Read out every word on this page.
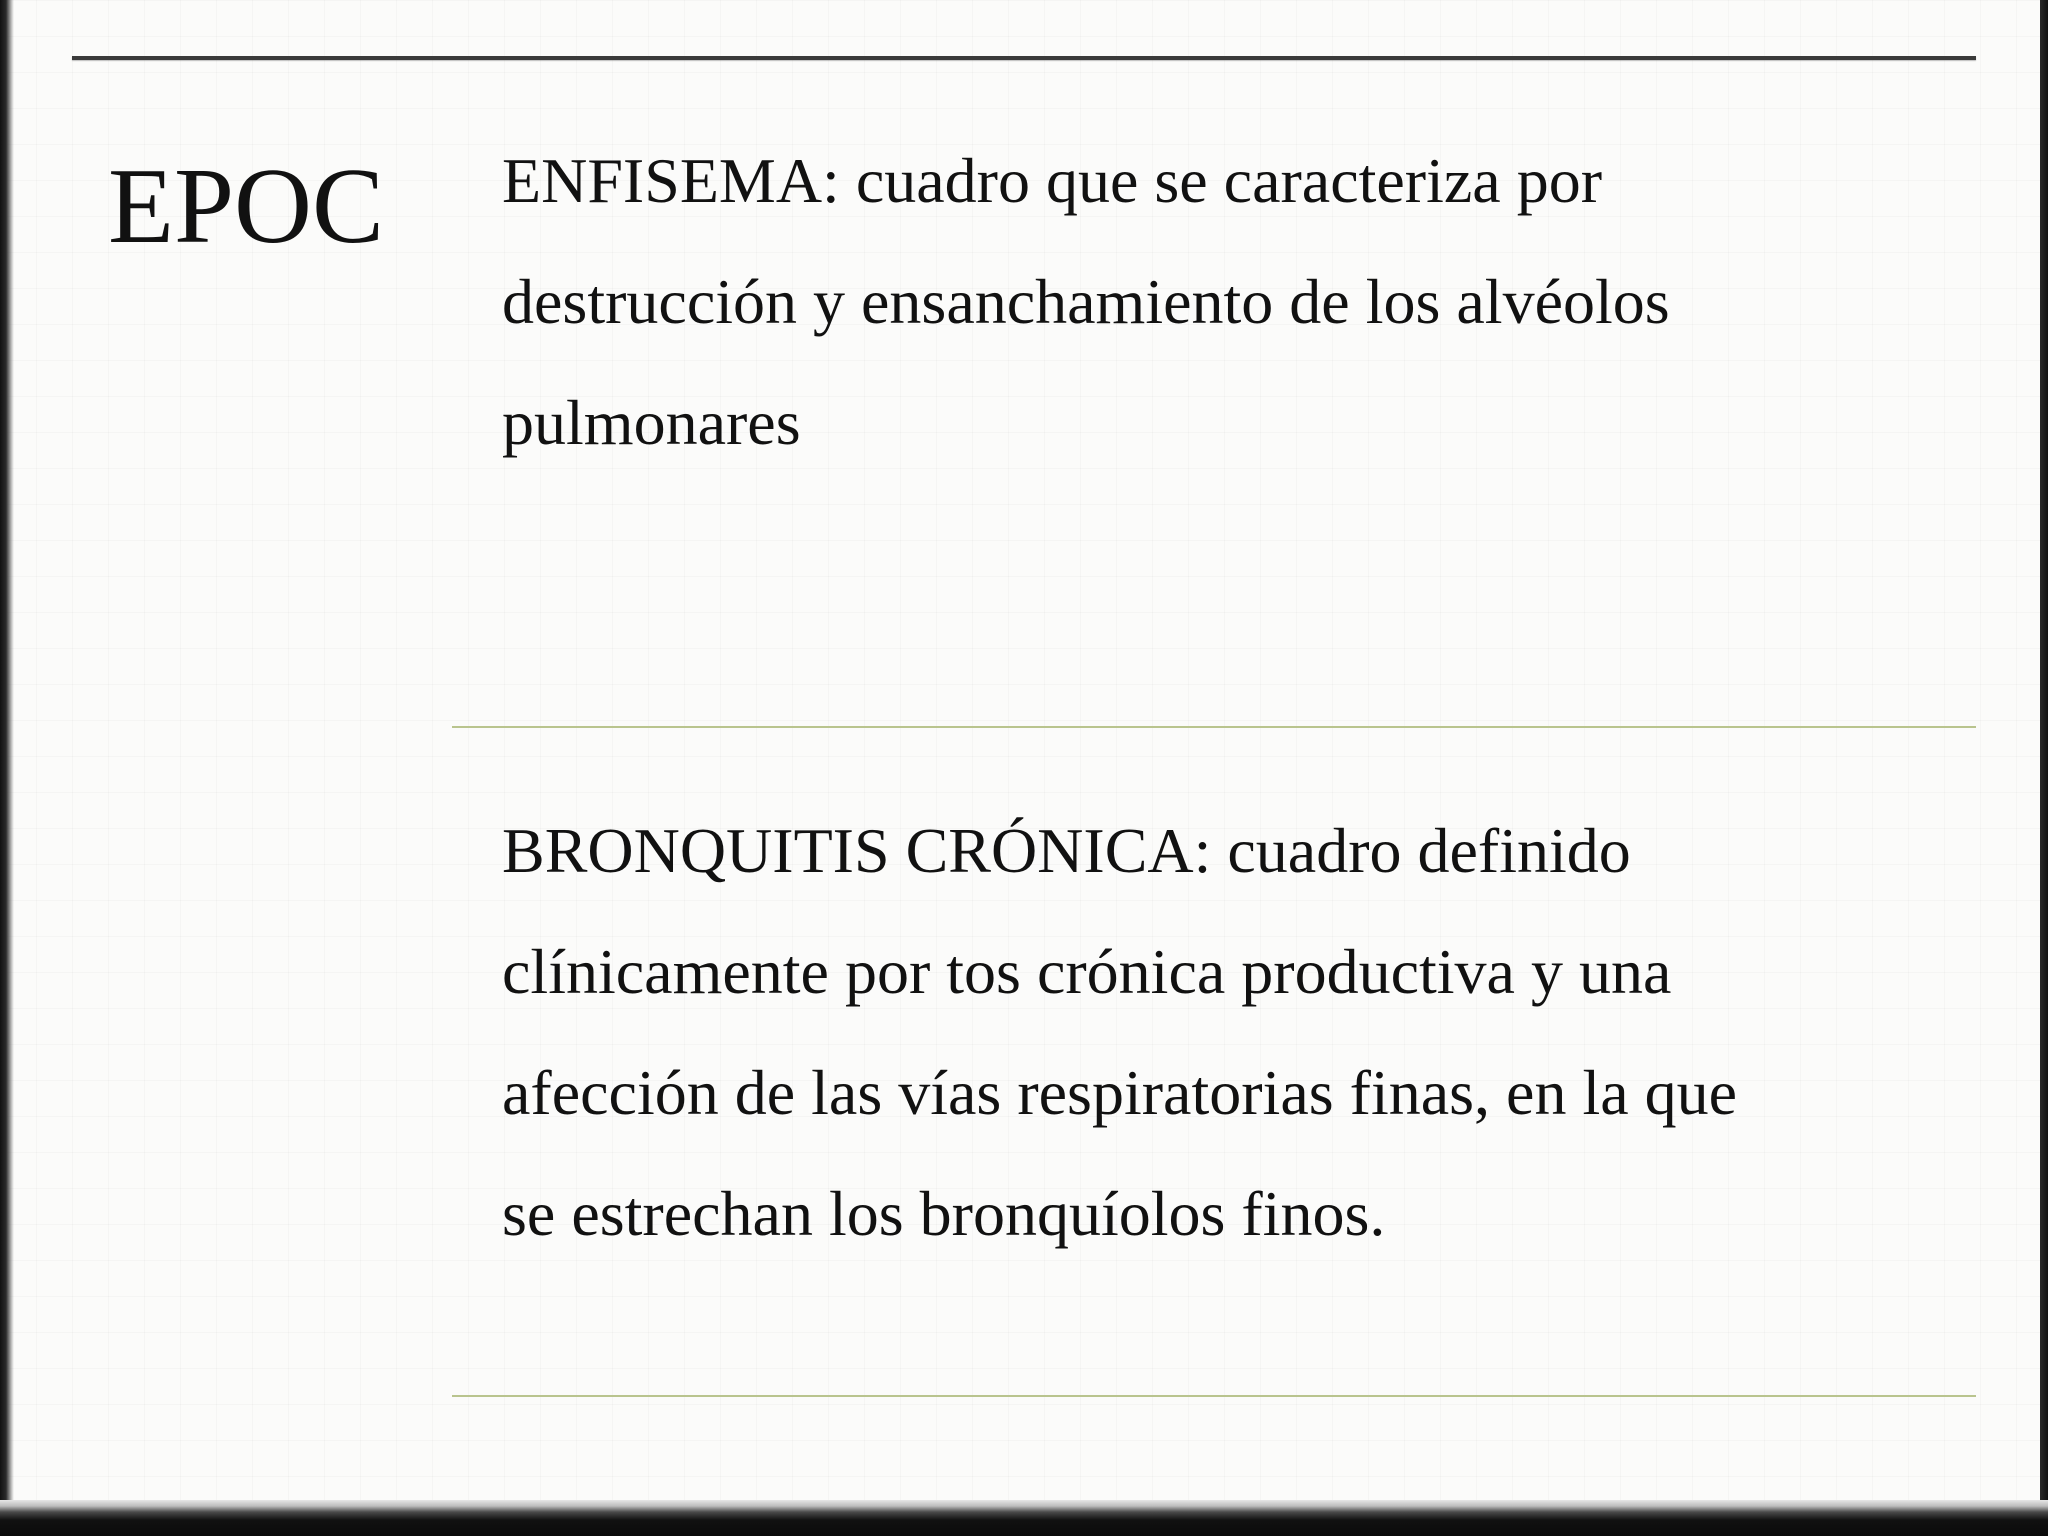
EPOC ENFISEMA: cuadro que se caracteriza por
destrucción y ensanchamiento de los alvéolos
pulmonares
BRONQUITIS CRÓNICA: cuadro definido
clínicamente por tos crónica productiva y una
afección de las vías respiratorias finas, en la que
se estrechan los bronquíolos finos.
